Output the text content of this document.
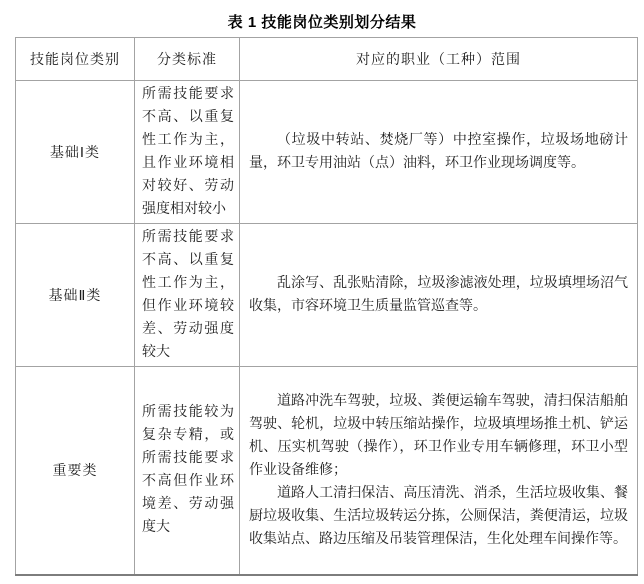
表 1 技能岗位类别划分结果
技能岗位类别	分类标准	对应的职业（工种）范围
基础Ⅰ类	所需技能要求不高、以重复性工作为主，且作业环境相对较好、劳动强度相对较小	（垃圾中转站、焚烧厂等）中控室操作，垃圾场地磅计量，环卫专用油站（点）油料，环卫作业现场调度等。

基础Ⅱ类	所需技能要求不高、以重复性工作为主，但作业环境较差、劳动强度较大	乱涂写、乱张贴清除，垃圾渗滤液处理，垃圾填埋场沼气收集，市容环境卫生质量监管巡查等。

重要类	所需技能较为复杂专精，或所需技能要求不高但作业环境差、劳动强度大	道路冲洗车驾驶，垃圾、粪便运输车驾驶，清扫保洁船舶驾驶、轮机，垃圾中转压缩站操作，垃圾填埋场推土机、铲运机、压实机驾驶（操作），环卫作业专用车辆修理，环卫小型作业设备维修；

道路人工清扫保洁、高压清洗、消杀，生活垃圾收集、餐厨垃圾收集、生活垃圾转运分拣，公厕保洁，粪便清运，垃圾收集站点、路边压缩及吊装管理保洁，生化处理车间操作等。
